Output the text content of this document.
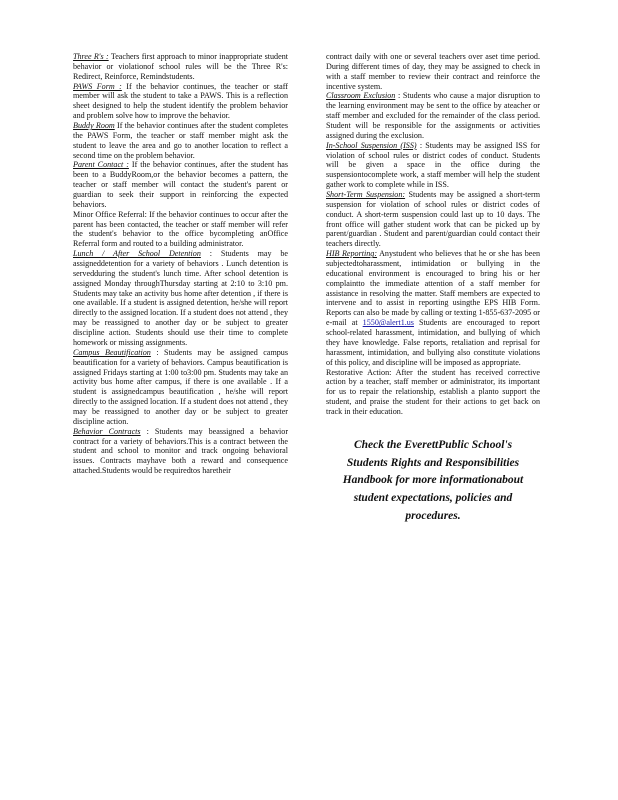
Three R's : Teachers first approach to minor inappropriate student behavior or violationof school rules will be the Three R's: Redirect, Reinforce, Remindstudents.

PAWS Form : If the behavior continues, the teacher or staff member will ask the student to take a PAWS. This is a reflection sheet designed to help the student identify the problem behavior and problem solve how to improve the behavior.

Buddy Room If the behavior continues after the student completes the PAWS Form, the teacher or staff member might ask the student to leave the area and go to another location to reflect a second time on the problem behavior.

Parent Contact : If the behavior continues, after the student has been to a BuddyRoom,or the behavior becomes a pattern, the teacher or staff member will contact the student's parent or guardian to seek their support in reinforcing the expected behaviors.

Minor Office Referral: If the behavior continues to occur after the parent has been contacted, the teacher or staff member will refer the student's behavior to the office bycompleting anOffice Referral form and routed to a building administrator.

Lunch / After School Detention : Students may be assigneddetention for a variety of behaviors . Lunch detention is servedduring the student's lunch time. After school detention is assigned Monday throughThursday starting at 2:10 to 3:10 pm. Students may take an activity bus home after detention , if there is one available. If a student is assigned detention, he/she will report directly to the assigned location. If a student does not attend , they may be reassigned to another day or be subject to greater discipline action. Students should use their time to complete homework or missing assignments.

Campus Beautification : Students may be assigned campus beautification for a variety of behaviors. Campus beautification is assigned Fridays starting at 1:00 to3:00 pm. Students may take an activity bus home after campus, if there is one available . If a student is assignedcampus beautification , he/she will report directly to the assigned location. If a student does not attend , they may be reassigned to another day or be subject to greater discipline action.

Behavior Contracts : Students may beassigned a behavior contract for a variety of behaviors.This is a contract between the student and school to monitor and track ongoing behavioral issues. Contracts mayhave both a reward and consequence attached.Students would be requiredtos haretheir

contract daily with one or several teachers over aset time period. During different times of day, they may be assigned to check in with a staff member to review their contract and reinforce the incentive system.

Classroom Exclusion : Students who cause a major disruption to the learning environment may be sent to the office by ateacher or staff member and excluded for the remainder of the class period. Student will be responsible for the assignments or activities assigned during the exclusion.

In-School Suspension (ISS) : Students may be assigned ISS for violation of school rules or district codes of conduct. Students will be given a space in the office during the suspensiontocomplete work, a staff member will help the student gather work to complete while in ISS.

Short-Term Suspension: Students may be assigned a short-term suspension for violation of school rules or district codes of conduct. A short-term suspension could last up to 10 days. The front office will gather student work that can be picked up by parent/guardian . Student and parent/guardian could contact their teachers directly.

HIB Reporting: Anystudent who believes that he or she has been subjectedtoharassment, intimidation or bullying in the educational environment is encouraged to bring his or her complaintto the immediate attention of a staff member for assistance in resolving the matter. Staff members are expected to intervene and to assist in reporting usingthe EPS HIB Form. Reports can also be made by calling or texting 1-855-637-2095 or e-mail at 1550@alert1.us Students are encouraged to report school-related harassment, intimidation, and bullying of which they have knowledge. False reports, retaliation and reprisal for harassment, intimidation, and bullying also constitute violations of this policy, and discipline will be imposed as appropriate.

Restorative Action: After the student has received corrective action by a teacher, staff member or administrator, its important for us to repair the relationship, establish a planto support the student, and praise the student for their actions to get back on track in their education.

Check the EverettPublic School's Students Rights and Responsibilities Handbook for more informationabout student expectations, policies and procedures.
